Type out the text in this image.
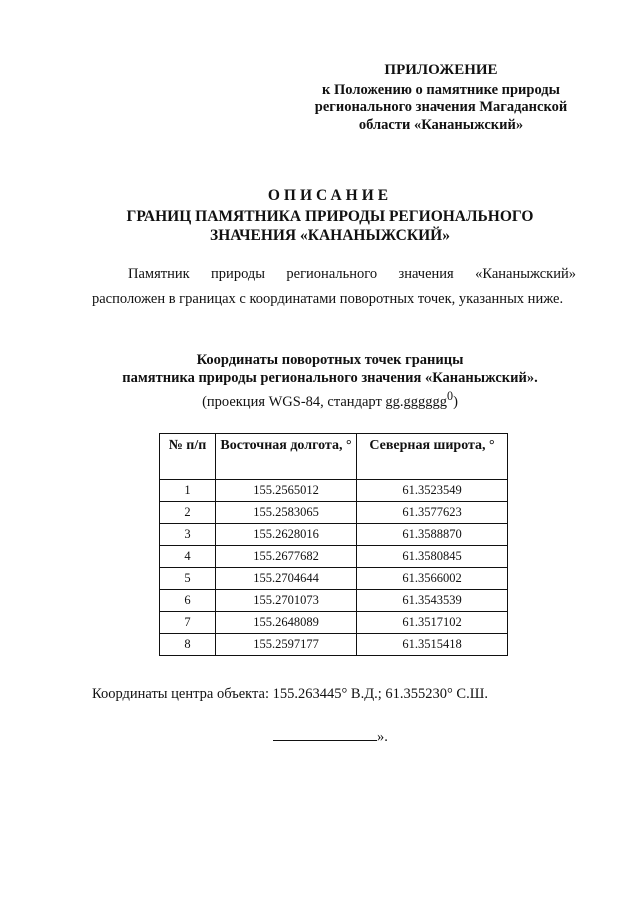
ПРИЛОЖЕНИЕ
к Положению о памятнике природы
регионального значения Магаданской
области «Кананыжский»
ОПИСАНИЕ
ГРАНИЦ ПАМЯТНИКА ПРИРОДЫ РЕГИОНАЛЬНОГО
ЗНАЧЕНИЯ «КАНАНЫЖСКИЙ»
Памятник природы регионального значения «Кананыжский» расположен в границах с координатами поворотных точек, указанных ниже.
Координаты поворотных точек границы
памятника природы регионального значения «Кананыжский».
(проекция WGS-84, стандарт gg.gggggg$^0$)
№ п/п	Восточная долгота, °	Северная широта, °
1	155.2565012	61.3523549
2	155.2583065	61.3577623
3	155.2628016	61.3588870
4	155.2677682	61.3580845
5	155.2704644	61.3566002
6	155.2701073	61.3543539
7	155.2648089	61.3517102
8	155.2597177	61.3515418
Координаты центра объекта: 155.263445° В.Д.; 61.355230° С.Ш.
».
